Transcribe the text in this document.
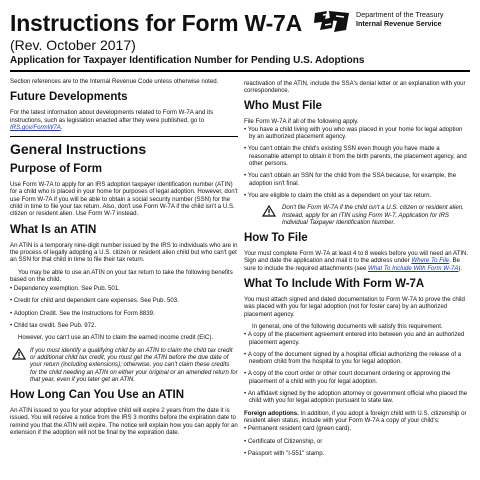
Instructions for Form W-7A
(Rev. October 2017)
Application for Taxpayer Identification Number for Pending U.S. Adoptions
Department of the Treasury
Internal Revenue Service

Section references are to the Internal Revenue Code unless otherwise noted.

Future Developments

For the latest information about developments related to Form W-7A and its instructions, such as legislation enacted after they were published, go to IRS.gov/FormW7A.

General Instructions
Purpose of Form

Use Form W-7A to apply for an IRS adoption taxpayer identification number (ATIN) for a child who is placed in your home for purposes of legal adoption. However, don't use Form W-7A if you will be able to obtain a social security number (SSN) for the child in time to file your tax return. Also, don't use Form W-7A if the child isn't a U.S. citizen or resident alien. Use Form W-7 instead.

What Is an ATIN

An ATIN is a temporary nine-digit number issued by the IRS to individuals who are in the process of legally adopting a U.S. citizen or resident alien child but who can't get an SSN for that child in time to file their tax return.

You may be able to use an ATIN on your tax return to take the following benefits based on the child.

• Dependency exemption. See Pub. 501.

• Credit for child and dependent care expenses. See Pub. 503.

• Adoption Credit. See the Instructions for Form 8839.

• Child tax credit. See Pub. 972.

However, you can't use an ATIN to claim the earned income credit (EIC).

If you must identify a qualifying child by an ATIN to claim the child tax credit or additional child tax credit, you must get the ATIN before the due date of your return (including extensions); otherwise, you can't claim these credits for the child needing an ATIN on either your original or an amended return for that year, even if you later get an ATIN.
How Long Can You Use an ATIN

An ATIN issued to you for your adoptive child will expire 2 years from the date it is issued. You will receive a notice from the IRS 3 months before the expiration date to remind you that the ATIN will expire. The notice will explain how you can apply for an extension if the adoption will not be final by the expiration date.

reactivation of the ATIN, include the SSA's denial letter or an explanation with your correspondence.

Who Must File

File Form W-7A if all of the following apply.

• You have a child living with you who was placed in your home for legal adoption by an authorized placement agency.

• You can't obtain the child's existing SSN even though you have made a reasonable attempt to obtain it from the birth parents, the placement agency, and other persons.

• You can't obtain an SSN for the child from the SSA because, for example, the adoption isn't final.

• You are eligible to claim the child as a dependent on your tax return.

Don't file Form W-7A if the child isn't a U.S. citizen or resident alien. Instead, apply for an ITIN using Form W-7, Application for IRS Individual Taxpayer Identification Number.
How To File

Your must complete Form W-7A at least 4 to 8 weeks before you will need an ATIN. Sign and date the application and mail it to the address under Where To File. Be sure to include the required attachments (see What To Include With Form W-7A).

What To Include With Form W-7A

You must attach signed and dated documentation to Form W-7A to prove the child was placed with you for legal adoption (not for foster care) by an authorized placement agency.

In general, one of the following documents will satisfy this requirement.

• A copy of the placement agreement entered into between you and an authorized placement agency.

• A copy of the document signed by a hospital official authorizing the release of a newborn child from the hospital to you for legal adoption.

• A copy of the court order or other court document ordering or approving the placement of a child with you for legal adoption.

• An affidavit signed by the adoption attorney or government official who placed the child with you for legal adoption pursuant to state law.

Foreign adoptions. In addition, if you adopt a foreign child with U.S. citizenship or resident alien status, include with your Form W-7A a copy of your child's:

• Permanent resident card (green card),

• Certificate of Citizenship, or

• Passport with "I-551" stamp.
